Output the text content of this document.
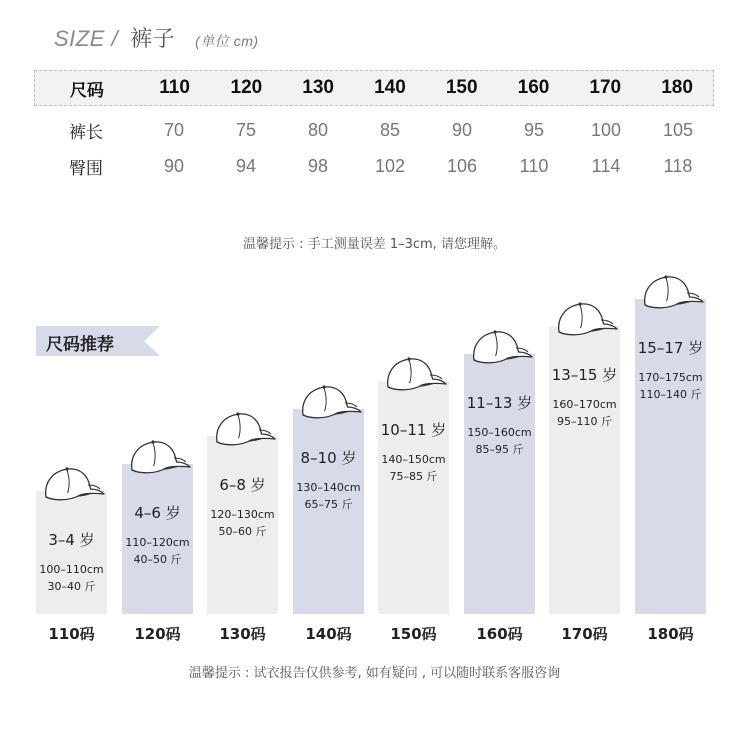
SIZE / 裤子 (单位 cm)
尺码	110	120	130	140	150	160	170	180
裤长	70	75	80	85	90	95	100	105
臀围	90	94	98	102	106	110	114	118
温馨提示 : 手工测量误差 1–3cm, 请您理解。
尺码推荐
3–4 岁
100–110cm
30–40 斤
110码
4–6 岁
110–120cm
40–50 斤
120码
6–8 岁
120–130cm
50–60 斤
130码
8–10 岁
130–140cm
65–75 斤
140码
10–11 岁
140–150cm
75–85 斤
150码
11–13 岁
150–160cm
85–95 斤
160码
13–15 岁
160–170cm
95–110 斤
170码
15–17 岁
170–175cm
110–140 斤
180码
温馨提示 : 试衣报告仅供参考, 如有疑问 , 可以随时联系客服咨询
